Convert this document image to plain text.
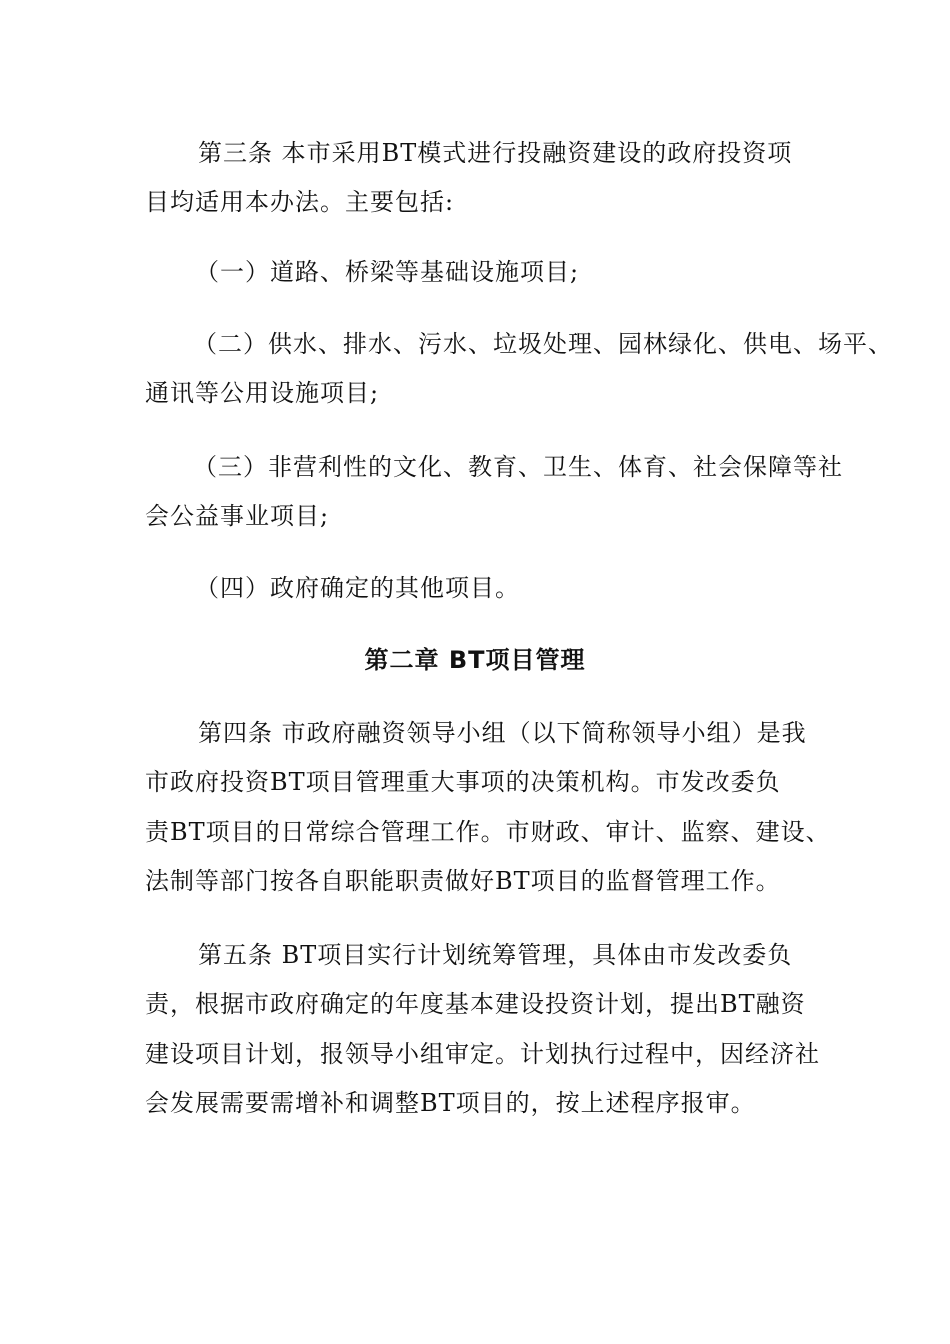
第三条 本市采用BT模式进行投融资建设的政府投资项
目均适用本办法。主要包括:
（一）道路、桥梁等基础设施项目;
（二）供水、排水、污水、垃圾处理、园林绿化、供电、场平、
通讯等公用设施项目;
（三）非营利性的文化、教育、卫生、体育、社会保障等社
会公益事业项目;
（四）政府确定的其他项目。
第二章 BT项目管理
第四条 市政府融资领导小组（以下简称领导小组）是我
市政府投资BT项目管理重大事项的决策机构。市发改委负
责BT项目的日常综合管理工作。市财政、审计、监察、建设、
法制等部门按各自职能职责做好BT项目的监督管理工作。
第五条 BT项目实行计划统筹管理，具体由市发改委负
责，根据市政府确定的年度基本建设投资计划，提出BT融资
建设项目计划，报领导小组审定。计划执行过程中，因经济社
会发展需要需增补和调整BT项目的，按上述程序报审。
